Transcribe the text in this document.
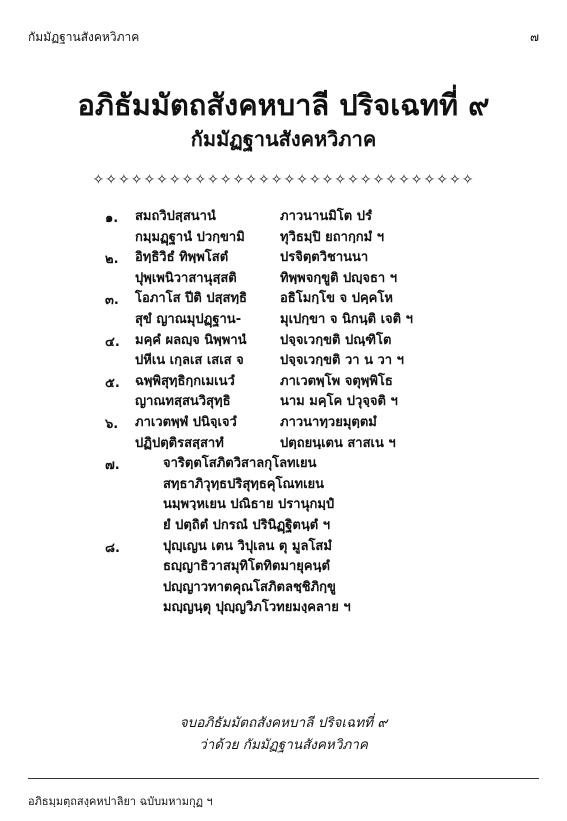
กัมมัฏฐานสังคหวิภาค	๗
อภิธัมมัตถสังคหบาลี ปริจเฉทที่ ๙
กัมมัฏฐานสังคหวิภาค
✧✧✧✧✧✧✧✧✧✧✧✧✧✧✧✧✧✧✧✧✧✧✧✧✧✧✧✧✧✧
๑.	สมถวิปสฺสนานํ	ภาวนานมิโต ปรํ
กมฺมฏฺฐานํ ปวกฺขามิ	ทุวิธมฺปิ ยถากฺกมํ ฯ
๒.	อิทฺธิวิธํ ทิพฺพโสตํ	ปรจิตฺตวิชานนา
ปุพฺเพนิวาสานุสฺสติ	ทิพฺพจกฺขูติ ปญฺจธา ฯ
๓.	โอภาโส ปีติ ปสฺสทฺธิ	อธิโมกฺโข จ ปคฺคโห
สุขํ ญาณมุปฏฺฐาน-	มุเปกฺขา จ นิกนฺติ เจติ ฯ
๔.	มคฺคํ ผลญฺจ นิพฺพานํ	ปจฺจเวกฺขติ ปณฺฑิโต
ปหีเน เกฺลเส เสเส จ	ปจฺจเวกฺขติ วา น วา ฯ
๕.	ฉพฺพิสุทฺธิกฺกเมเนวํ	ภาเวตพฺโพ จตุพฺพิโธ
ญาณทสฺสนวิสุทฺธิ	นาม มคฺโค ปวุจฺจติ ฯ
๖.	ภาเวตพฺพํ ปนิจฺเจวํ	ภาวนาทฺวยมุตฺตมํ
ปฏิปตฺติรสสฺสาทํ	ปตฺถยนฺเตน สาสเน ฯ
๗.	จาริตฺตโสภิตวิสาลกุโลทเยน
สทฺธาภิวุทฺธปริสุทฺธคุโณทเยน
นมฺพวฺหเยน ปณิธาย ปรานุกมฺปํ
ยํ ปตฺถิตํ ปกรณํ ปรินิฏฺฐิตนฺตํ ฯ
๘.	ปุญฺเญน เตน วิปุเลน ตุ มูลโสมํ
ธญฺญาธิวาสมุทิโตทิตมายุคนฺตํ
ปญฺญาวทาตคุณโสภิตลชฺชิภิกฺขู
มญฺญนฺตุ ปุญฺญวิภโวทยมงฺคลาย ฯ
จบอภิธัมมัตถสังคหบาลี ปริจเฉทที่ ๙
ว่าด้วย กัมมัฏฐานสังคหวิภาค
อภิธมฺมตฺถสงฺคหปาลิยา ฉบับมหามกุฏ ฯ
